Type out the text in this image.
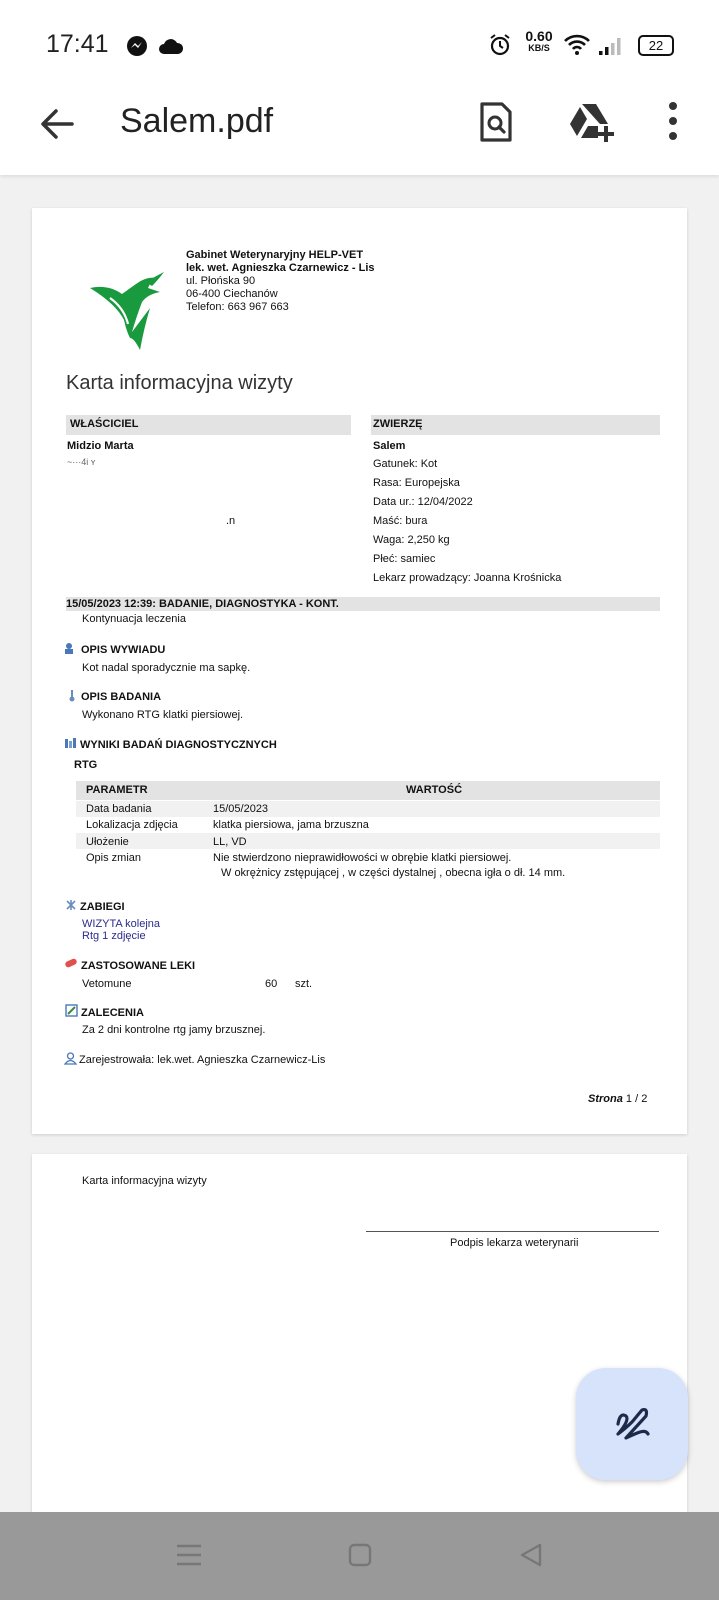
17:41	0.60
KB/S	22
Salem.pdf
Gabinet Weterynaryjny HELP-VET
lek. wet. Agnieszka Czarnewicz - Lis
ul. Płońska 90
06-400 Ciechanów
Telefon: 663 967 663
Karta informacyjna wizyty
WŁAŚCICIEL	ZWIERZĘ
Midzio Marta
~···4i ʏ
.n
Salem
Gatunek: Kot
Rasa: Europejska
Data ur.: 12/04/2022
Maść: bura
Waga: 2,250 kg
Płeć: samiec
Lekarz prowadzący: Joanna Krośnicka
15/05/2023 12:39: BADANIE, DIAGNOSTYKA - KONT.
Kontynuacja leczenia
OPIS WYWIADU
Kot nadal sporadycznie ma sapkę.
OPIS BADANIA
Wykonano RTG klatki piersiowej.
WYNIKI BADAŃ DIAGNOSTYCZNYCH
RTG
PARAMETR	WARTOŚĆ
Data badania	15/05/2023
Lokalizacja zdjęcia	klatka piersiowa, jama brzuszna
Ułożenie	LL, VD
Opis zmian	Nie stwierdzono nieprawidłowości w obrębie klatki piersiowej.
W okrężnicy zstępującej , w części dystalnej , obecna igła o dł. 14 mm.
ZABIEGI
WIZYTA kolejna
Rtg 1 zdjęcie
ZASTOSOWANE LEKI
Vetomune	60 szt.
ZALECENIA
Za 2 dni kontrolne rtg jamy brzusznej.
Zarejestrowała: lek.wet. Agnieszka Czarnewicz-Lis
Strona 1 / 2
Karta informacyjna wizyty
Podpis lekarza weterynarii
